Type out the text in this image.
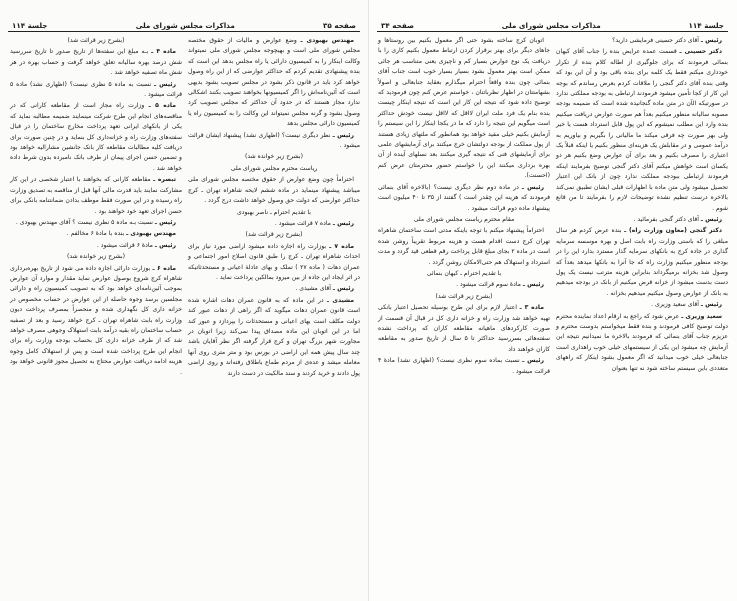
صفحه ۳۵
مذاکرات مجلس شورای ملی
جلسة ۱۱۴

مهندس بهبودی ـ وضع عوارض و مالیات از حقوق مختصه مجلس شورای ملی است و بهیچوجه مجلس شورای ملی نمیتواند وکالت اینکار را به کمیسیون دارائی یا راه مجلس بدهد این است که بنده پیشنهادی تقدیم کردم که حداکثر عوارضی که از این راه وصول خواهد کرد باید در قانون ذکر بشود در مجلس تصویب بشود بدیهی است که آئین‌نامه‌اش را اگر کمیسیونها بخواهند تصویب بکنند اشکالی ندارد مجاز هستند که در حدود آن حداکثر که مجلس تصویب کرد وصول بشود و گرنه مجلس نمیتواند این وکالت را به کمیسیون راه یا کمیسیون دارائی مجلس بدهد

رئیس ـ نظر دیگری نیست؟ (اظهاری نشد) پیشنهاد ایشان قرائت میشود .

(بشرح زیر خوانده شد)

ریاست محترم مجلس شورای ملی

احتراماً چون وضع عوارض از حقوق مختصه مجلس شورای ملی میباشد پیشنهاد مینماید در ماده ششم لایحه شاهراه تهران ـ کرج حداکثر عوارضی که دولت حق وصول خواهد داشت درج گردد .

با تقدیم احترام ـ ناصر بهبودی

رئیس ـ ماده ۷ قرائت میشود .

(بشرح زیر قرائت شد)

ماده ۷ ـ بوزارت راه اجازه داده میشود اراضی مورد نیاز برای احداث شاهراه تهران ـ کرج را طبق قانون اصلاح امور اجتماعی و عمران دهات ( ماده ۲۷ ) تملک و بهای عادلهٔ اعیانی و مستحدثاتیکه در اثر ایجاد این جاده از بین میرود بمالکین پرداخت نماید .

رئیس ـ آقای مشیدی .

مشیدی ـ در این ماده که به قانون عمران دهات اشاره شده است قانون عمران دهات میگوید که اگر راهی از دهات عبور کند دولت مکلف است بهای اعیانی و مستحدثات را بپردازد و عبور کند اما در این اتوبان این ماده مصداق پیدا نمی‌کند زیرا اتوبان در مجاورت شهر بزرگ تهران و کرج قرار گرفته اگر نظر آقایان باشد چند سال پیش همه این اراضی در بورس بود و متر متری روی آنها معامله میشد و عده‌ی از مردم طماع باطلاق رفته‌اند و روی اراضی پول دادند و خرید کردند و سند مالکیت در دست دارند

(بشرح زیر قرائت شد)

ماده ۴ ـ بـه مبلغ این سفته‌ها از تاریخ صدور تا تاریخ سررسید شش درصد بهره سالیانه تعلق خواهد گرفت و حساب بهره در هر شش ماه تصفیه خواهد شد .

رئیس ـ نسبت به ماده ۵ نظری نیست؟ (اظهاری نشد) ماده ۵ قرائت میشود .

ماده ۵ ـ وزارت راه مجاز است از مقاطعه کارانی که در مناقصه‌های انجام این طرح شرکت مینمایند ضمیمه مطالبه نماید که یکی از بانکهای ایرانی تعهد پرداخت مخارج ساختمان را در قبال سفته‌های وزارت راه و خزانه‌داری کل بنماید و در چنین صورت برای دریافت کلیه مطالبات مقاطعه کار بانک جانشین مشارالیه خواهد بود و تضمین حسن اجرای پیمان از طرف بانک نامبرده بدون شرط داده خواهد شد .

تبصره ـ مقاطعه کارانی که بخواهند با اعتبار شخصی در این کار مشارکت نمایند باید قدرت مالی آنها قبل از مناقصه به تصدیق وزارت راه رسیده و در این صورت فقط موظف بدادن ضمانتنامه بانکی برای حسن اجرای تعهد خود خواهند بود .

رئیس ـ نسبت بـه ماده ۵ نظری نیست ؟ آقای مهندس بهبودی .

مهندس بهبودی ـ بنده با مادهٔ ۶ مخالفم .

رئیس ـ مادهٔ ۶ قرائت میشود .

(بشرح زیر خوانده شد)

ماده ۶ ـ بوزارت دارائی اجازه داده می شود از تاریخ بهره‌برداری شاهراه کرج شروع بوصول عوارض نماید مقدار و موارد آن عوارض بموجب آئین‌نامه‌ای خواهد بود که به تصویب کمیسیون راه و دارائی مجلسین برسد وجوه حاصله از این عوارض در حساب مخصوص در خزانه داری کل نگهداری شده و منحصراً بمصرف پرداخت دیون وزارت راه بابت شاهراه تهران ـ کرج خواهد رسید و بعد از تصفیه حساب ساختمان راه بقیه درآمد بابت استهلاک وجوهی مصرف خواهد شد که از طرف خزانه داری کل بحساب بودجه وزارت راه برای انجام این طرح پرداخت شده است و پس از استهلاک کامل وجوه هزینه ادامه دریافت عوارض محتاج به تحصیل مجوز قانونی خواهد بود .

جلسة ۱۱۴
مذاکرات مجلس شورای ملی
صفحه ۳۴

رئیس ـ آقای دکتر حسینی فرمایشی دارید؟

دکتر حسینی ـ قسمت عمده عرایض بنده را جناب آقای کیهان بنمائی فرمودند که برای جلوگیری از اطاله کلام بنده از تکرار خودداری میکنم فقط یک کلمه برای بنده باقی بود و آن این بود که وقتی بنده آقای دکتر گنجی را ملاقات کردم بعرض رساندم که بوجه این کار از کجا تأمین میشود فرمودند ارتباطی به بودجه مملکتی ندارد در صورتیکه الآن در متن ماده گنجانیده شده است که ضمیمه بودجه مصوبه سالیانه منظور میکنیم بعداً هم صورت عوارض دریافت میکنیم بنده وارد این مطلب نمیشوم که این پول قابل استرداد هست یا خیر ولی بهر صورت چه فرقی میکند ما مالیاتی را بگیریم و بیاوریم به درآمد عمومی و در مقابلش یک هزینه‌ای منظور بکنیم یا اینکه قبلاً یک اعتباری را مصرف بکنیم و بعد برای آن عوارض وضع بکنیم هر دو یکسان است خواهش میکنم آقای دکتر گنجی توضیح بفرمایند اینکه فرمودند ارتباطی ببودجه مملکت ندارد چون از بانک این اعتبار تحصیل میشود ولی متن ماده با اظهارات قبلی ایشان تطبیق نمی‌کند بالاخره درست تنظیم نشده توضیحات لازم را بفرمایند تا من قانع شوم .

رئیس ـ آقای دکتر گنجی بفرمائید .

دکتر گنجی (معاون وزارت راه) ـ بنده عرض کردم هر سال مبلغی را که باستی وزارت راه بابت اصل و بهره موسسه سرمایه گذاری در جاده کرج به بانکهای سرمایه گذار مسترد بدارد این را در بودجه منظور میکنیم وزارت راه که جا آنرا به بانکها میدهد بعداً که وصول شد بخزانه برمیگرداند بنابراین هزینه مترتب نیست یک پول دست بدست میشود از خزانه قرض میکنیم از بانک در بودجه میدهیم به بانک از عوارض وصول میکنیم میدهیم بخزانه .

رئیس ـ آقای سعید وزیری .

سعید وزیری ـ عرض شود که راجع به ارقام اعداد نماینده محترم دولت توضیح کافی فرمودند و بنده فقط میخواستم بدوست محترم و عزیزم جناب آقای بنمائی که فرمودند بالاخره ما نمیدانیم نتیجه این آزمایش چه میشود این یکی از سیستمهای خیلی خوب راهداری است جنابعالی خیلی خوب میدانید که اگر معمول بشود اینکار که راههای متعددی باین سیستم ساخته شود نه تنها بعنوان

اتوبان کرج ساخته بشود حتی اگر معمول بکنیم بین روستاها و جاهای دیگر برای بهتر برقرار کردن ارتباط معمول بکنیم کاری را با دریافت یک نوع عوارض بسیار کم و ناچیزی یعنی متناسب هر جائی ممکن است بهتر معمول بشود بسیار بسیار خوب است جناب آقای بنمائی چون بنده واقعاً احترام میگذارم بعقاید جنابعالی و اصولاً بشهامتتان در اظهار نظرباتتان ، خواستم عرض کنم چون فرمودید که توضیح داده شود که نتیجه این کار این است که نتیجه اینکار چیست بنده بنام یک فرد ملت ایران لااقل که لااقل نیست خودش حداکثر است میگویم این نتیجه را دارد که ما در یکجا اینکار را این سیستم را آزمایش بکنیم خیلی مفید خواهد بود همانطور که ملتهای زیادی هستند از پول مملکت از بودجه دولتشان خرج میکنند برای آزمایشهای علمی برای آزمایشهای فنی که نتیجه گیری میکنند بعد نسلهای آینده از آن بهره برداری میکنند این را خواستم حضور محترمتان عرض کنم (احسنت).

رئیس ـ در ماده دوم نظر دیگری نیست؟ (بالاخره آقای بنمائی فرمودند که هزینه این چقدر است ) گفتند از ۳۵ تا ۴۰ میلیون است پیشنهاد ماده دوم قرائت میشود .

مقام محترم ریاست مجلس شورای ملی

احتراماً پیشنهاد میکنم با توجه باینکه مدتی است ساختمان شاهراه تهران کرج دست اقدام هست و هزینه مربوط تقریباً روشن شده است در ماده ۲ بجای مبلغ قابل پرداخت رقم قطعی قید گردد و مدت استرداد و استهلاک هم حتی‌الامکان روشن گردد .

با تقدیم احترام ـ کیهان بنمائی

رئیس ـ مادهٔ سوم قرائت میشود .

(بشرح زیر قرائت شد)

ماده ۳ ـ اعتبار لازم برای این طرح بوسیله تحصیل اعتبار بانکی تهیه خواهد شد وزارت راه و خزانه داری کل در قبال آن قسمت از صورت کارکردهای ماهیانه مقاطعه کاران که پرداخت نشده سفته‌هائی بسررسید حداکثر تا ۵ سال از تاریخ صدور به مقاطعه کاران خواهند داد

رئیس ـ نسبت بماده سوم نظری نیست؟ (اظهاری نشد) مادهٔ ۴ قرائت میشود .
